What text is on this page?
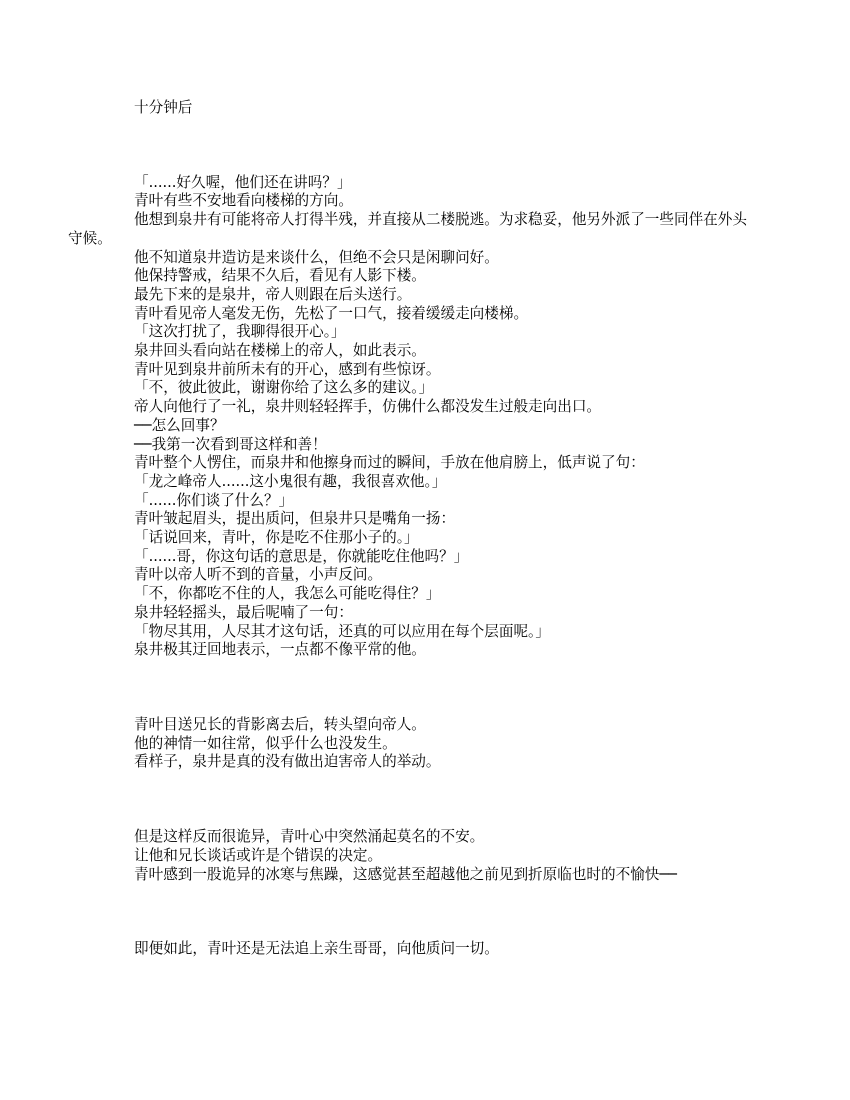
十分钟后

「......好久喔，他们还在讲吗？」

青叶有些不安地看向楼梯的方向。

他想到泉井有可能将帝人打得半残，并直接从二楼脱逃。为求稳妥，他另外派了一些同伴在外头守候。

他不知道泉井造访是来谈什么，但绝不会只是闲聊问好。

他保持警戒，结果不久后，看见有人影下楼。

最先下来的是泉井，帝人则跟在后头送行。

青叶看见帝人毫发无伤，先松了一口气，接着缓缓走向楼梯。

「这次打扰了，我聊得很开心。」

泉井回头看向站在楼梯上的帝人，如此表示。

青叶见到泉井前所未有的开心，感到有些惊讶。

「不，彼此彼此，谢谢你给了这么多的建议。」

帝人向他行了一礼，泉井则轻轻挥手，仿佛什么都没发生过般走向出口。

──怎么回事？

──我第一次看到哥这样和善！

青叶整个人愣住，而泉井和他擦身而过的瞬间，手放在他肩膀上，低声说了句：

「龙之峰帝人......这小鬼很有趣，我很喜欢他。」

「......你们谈了什么？」

青叶皱起眉头，提出质问，但泉井只是嘴角一扬：

「话说回来，青叶，你是吃不住那小子的。」

「......哥，你这句话的意思是，你就能吃住他吗？」

青叶以帝人听不到的音量，小声反问。

「不，你都吃不住的人，我怎么可能吃得住？」

泉井轻轻摇头，最后呢喃了一句：

「物尽其用，人尽其才这句话，还真的可以应用在每个层面呢。」

泉井极其迂回地表示，一点都不像平常的他。

青叶目送兄长的背影离去后，转头望向帝人。

他的神情一如往常，似乎什么也没发生。

看样子，泉井是真的没有做出迫害帝人的举动。

但是这样反而很诡异，青叶心中突然涌起莫名的不安。

让他和兄长谈话或许是个错误的决定。

青叶感到一股诡异的冰寒与焦躁，这感觉甚至超越他之前见到折原临也时的不愉快──

即便如此，青叶还是无法追上亲生哥哥，向他质问一切。
